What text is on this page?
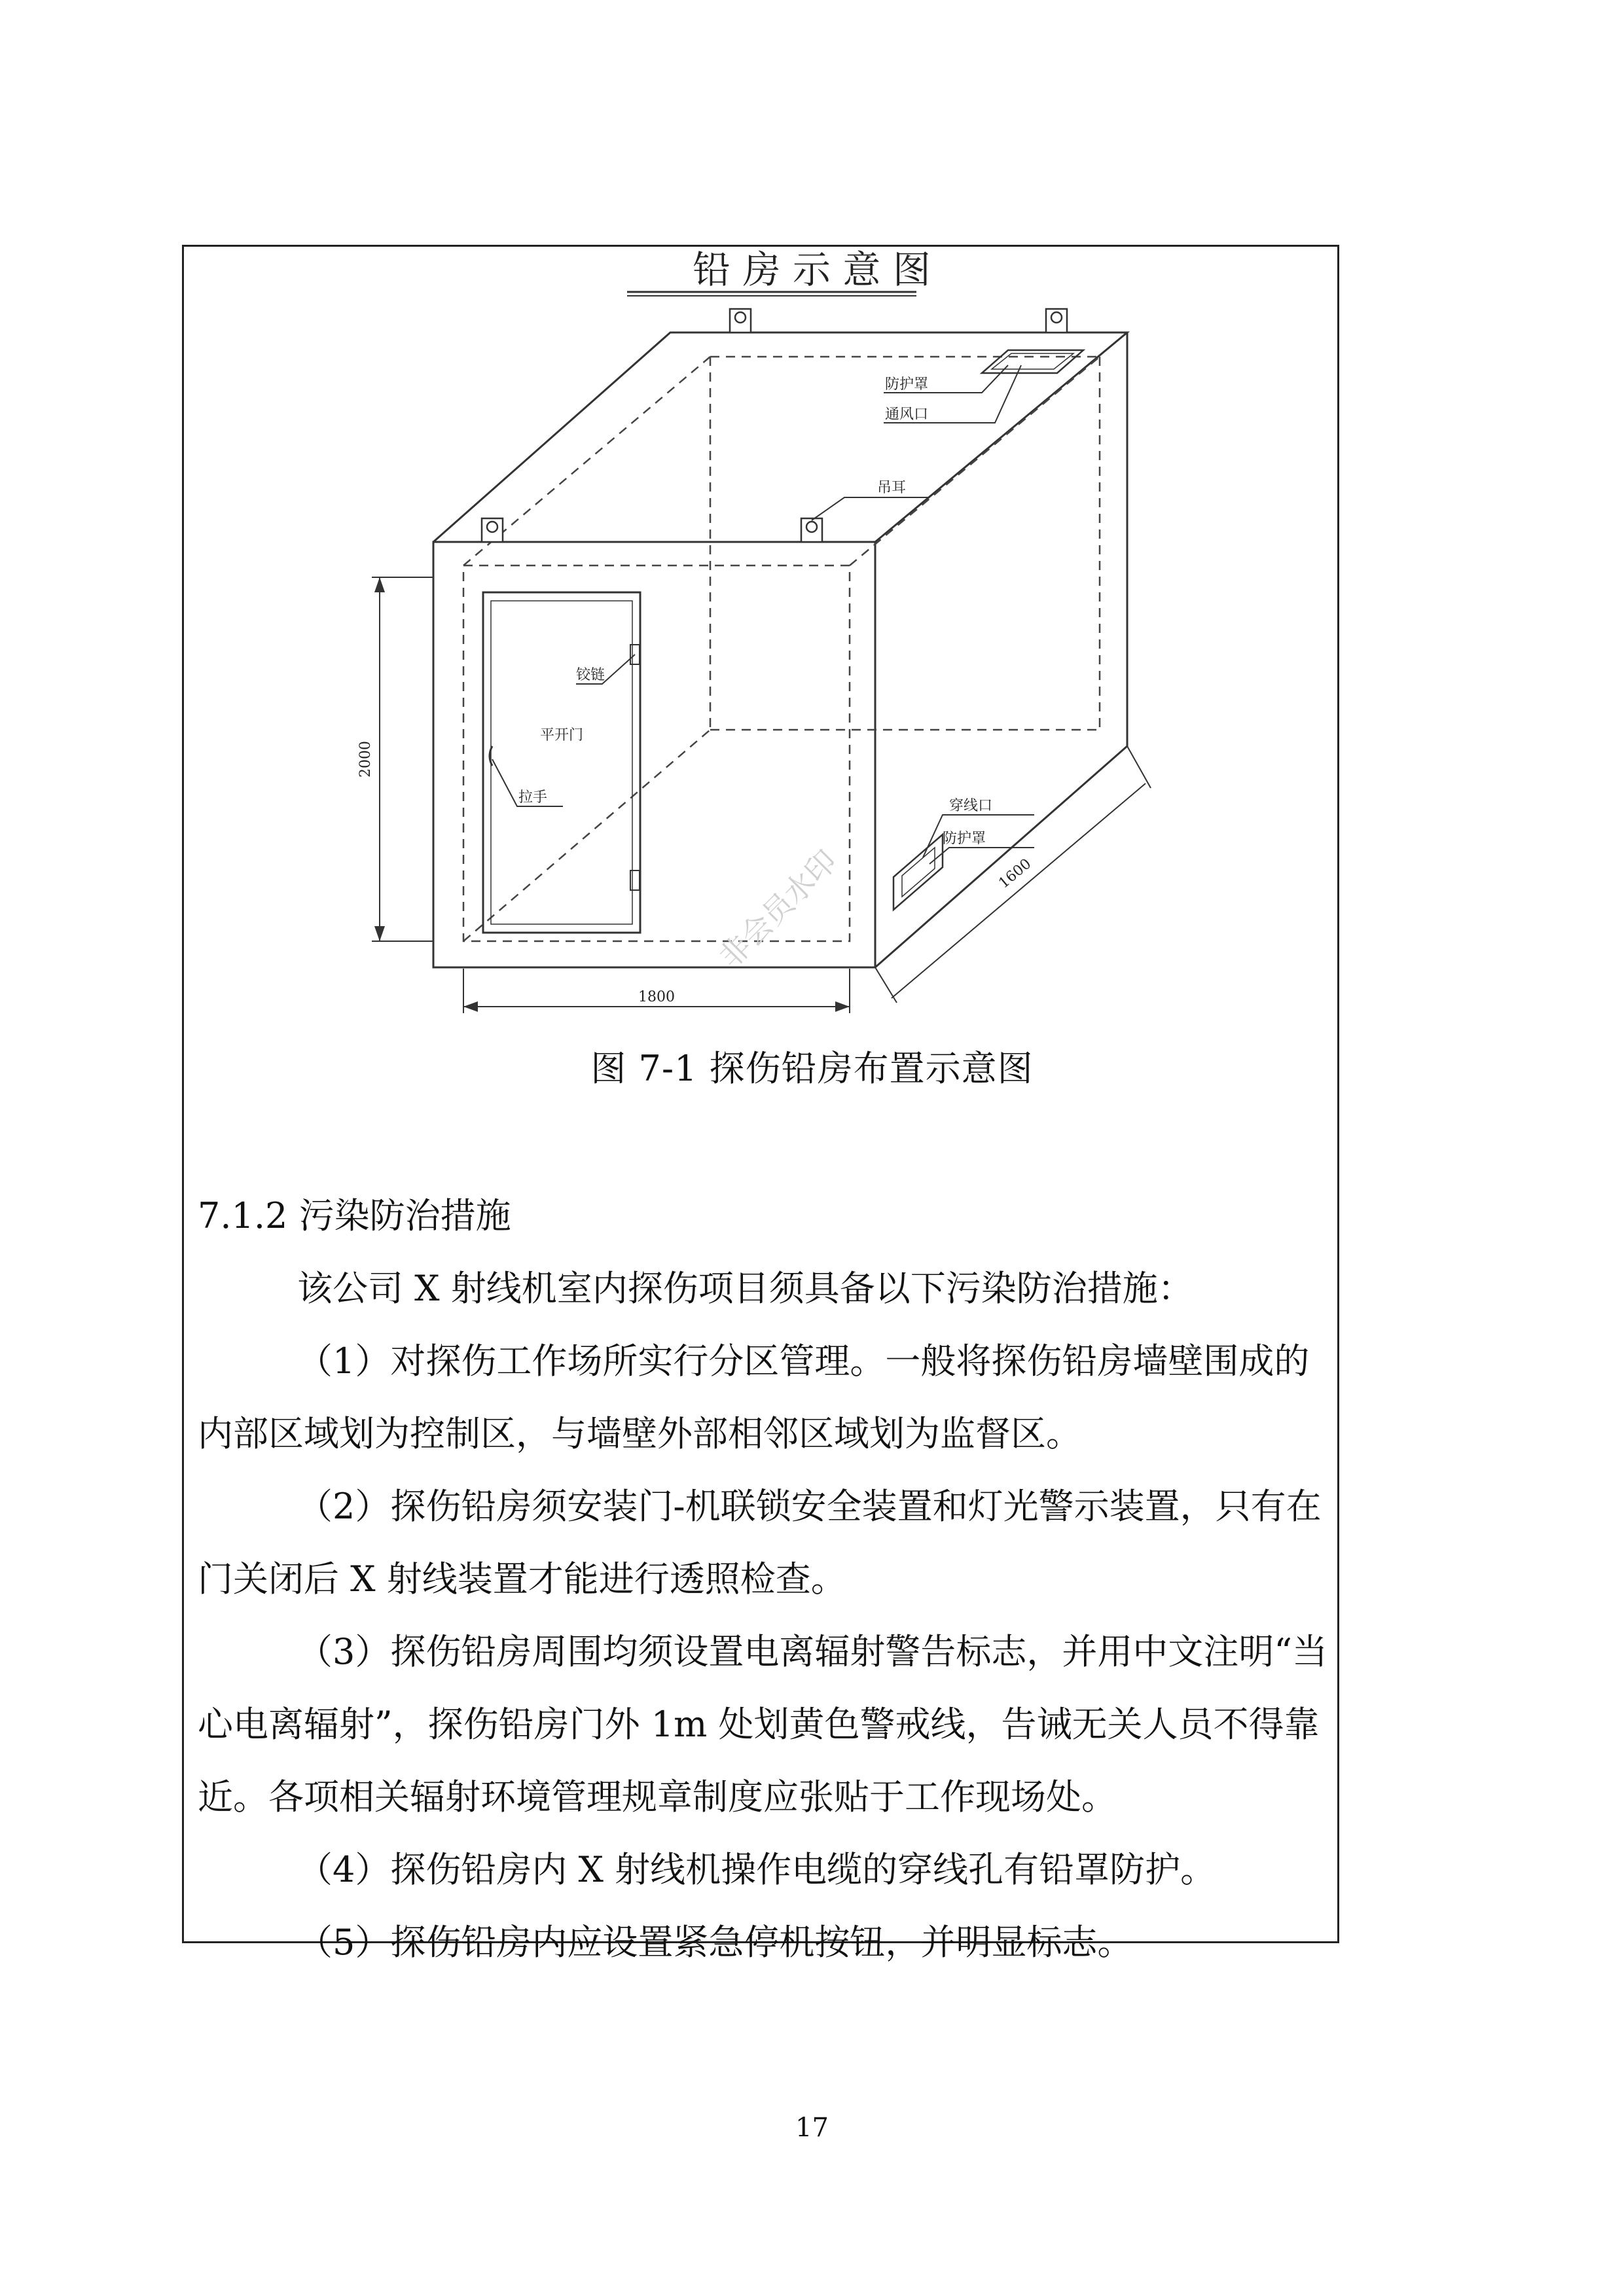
铅 房 示 意 图
防护罩
通风口
吊耳
铰链
平开门
拉手
穿线口
防护罩
2000
1800
1600
非会员水印
图 7-1 探伤铅房布置示意图
7.1.2 污染防治措施
该公司 X 射线机室内探伤项目须具备以下污染防治措施：
（1）对探伤工作场所实行分区管理。一般将探伤铅房墙壁围成的内部区域划为控制区，与墙壁外部相邻区域划为监督区。
（2）探伤铅房须安装门-机联锁安全装置和灯光警示装置，只有在门关闭后 X 射线装置才能进行透照检查。
（3）探伤铅房周围均须设置电离辐射警告标志，并用中文注明“当心电离辐射”，探伤铅房门外 1m 处划黄色警戒线，告诫无关人员不得靠近。各项相关辐射环境管理规章制度应张贴于工作现场处。
（4）探伤铅房内 X 射线机操作电缆的穿线孔有铅罩防护。
（5）探伤铅房内应设置紧急停机按钮，并明显标志。
17
